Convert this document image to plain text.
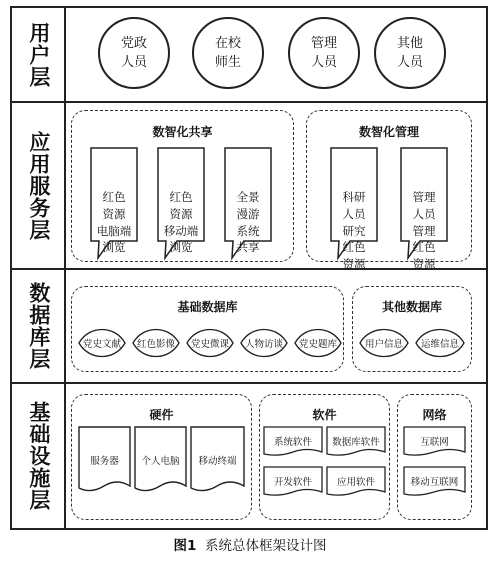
用户层
应用服务层
数据库层
基础设施层
党政
人员
在校
师生
管理
人员
其他
人员
数智化共享	数智化管理

红色
资源
电脑端
浏览

红色
资源
移动端
浏览

全景
漫游
系统
共享

科研
人员
研究
红色
资源

管理
人员
管理
红色
资源

基础数据库	其他数据库
党史文献 红色影像 党史微课 人物访谈 党史题库	用户信息 运维信息
硬件	软件	网络
服务器 个人电脑 移动终端
系统软件 数据库软件
开发软件	应用软件
互联网
移动互联网
图1 系统总体框架设计图
